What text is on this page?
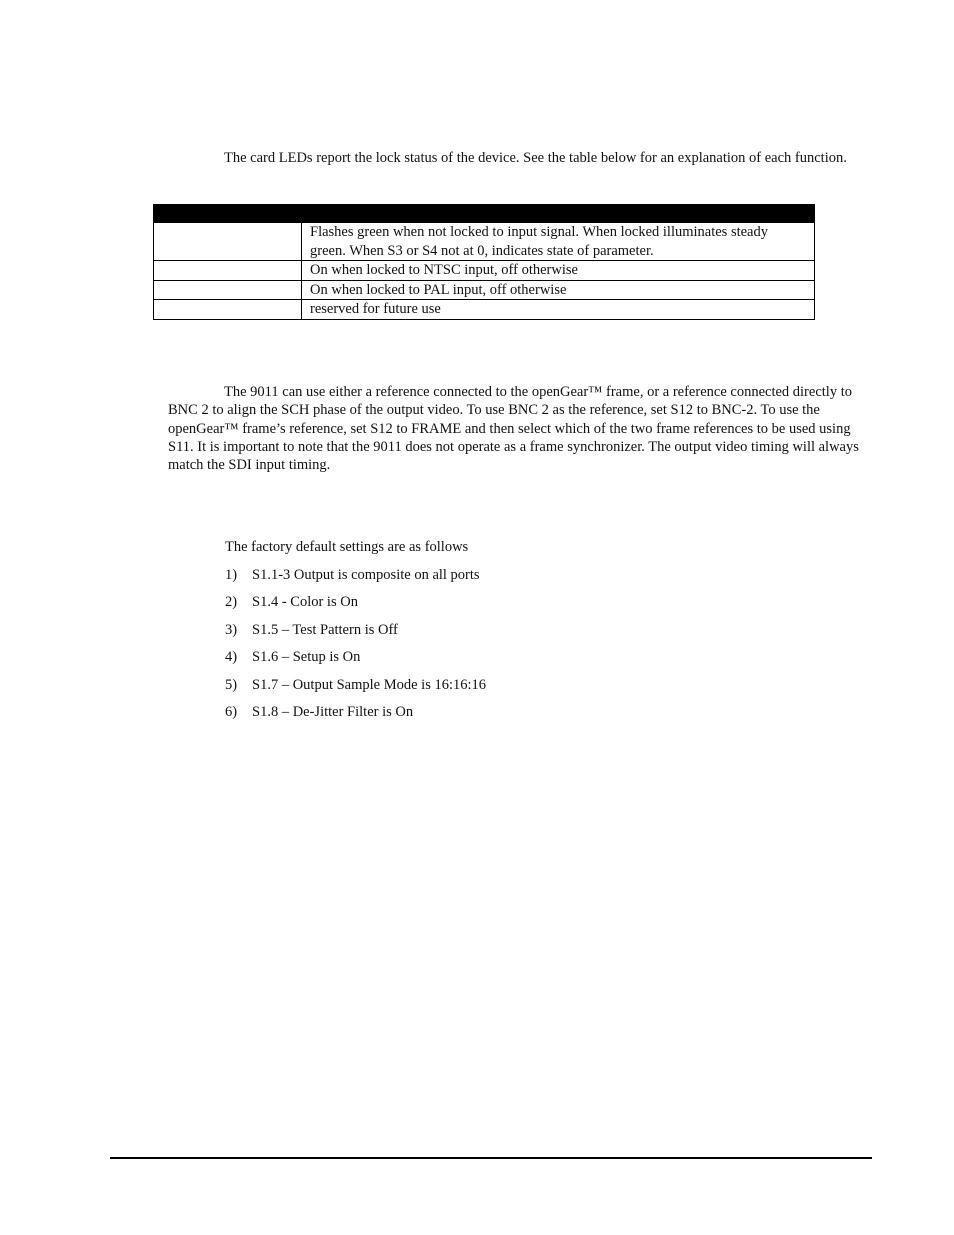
The card LEDs report the lock status of the device. See the table below for an explanation of each function.

	Flashes green when not locked to input signal. When locked illuminates steady green. When S3 or S4 not at 0, indicates state of parameter.
	On when locked to NTSC input, off otherwise
	On when locked to PAL input, off otherwise
	reserved for future use

The 9011 can use either a reference connected to the openGear™ frame, or a reference connected directly to BNC 2 to align the SCH phase of the output video. To use BNC 2 as the reference, set S12 to BNC-2. To use the openGear™ frame’s reference, set S12 to FRAME and then select which of the two frame references to be used using S11. It is important to note that the 9011 does not operate as a frame synchronizer. The output video timing will always match the SDI input timing.

The factory default settings are as follows

1) S1.1-3 Output is composite on all ports
2) S1.4 - Color is On
3) S1.5 – Test Pattern is Off
4) S1.6 – Setup is On
5) S1.7 – Output Sample Mode is 16:16:16
6) S1.8 – De-Jitter Filter is On
